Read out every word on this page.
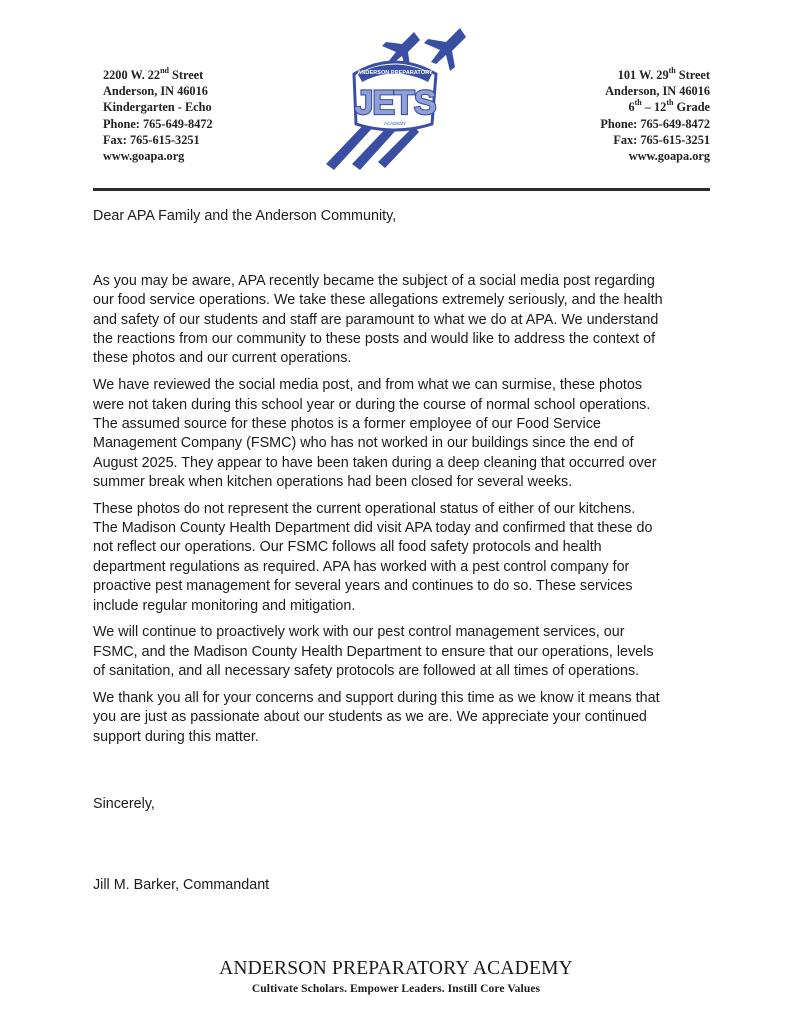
2200 W. 22nd Street
Anderson, IN 46016
Kindergarten - Echo
Phone: 765-649-8472
Fax: 765-615-3251
www.goapa.org
101 W. 29th Street
Anderson, IN 46016
6th – 12th Grade
Phone: 765-649-8472
Fax: 765-615-3251
www.goapa.org
ANDERSON PREPARATORY
JETS
ACADEMY

Dear APA Family and the Anderson Community,

As you may be aware, APA recently became the subject of a social media post regarding

our food service operations. We take these allegations extremely seriously, and the health

and safety of our students and staff are paramount to what we do at APA. We understand

the reactions from our community to these posts and would like to address the context of

these photos and our current operations.

We have reviewed the social media post, and from what we can surmise, these photos

were not taken during this school year or during the course of normal school operations.

The assumed source for these photos is a former employee of our Food Service

Management Company (FSMC) who has not worked in our buildings since the end of

August 2025. They appear to have been taken during a deep cleaning that occurred over

summer break when kitchen operations had been closed for several weeks.

These photos do not represent the current operational status of either of our kitchens.

The Madison County Health Department did visit APA today and confirmed that these do

not reflect our operations. Our FSMC follows all food safety protocols and health

department regulations as required. APA has worked with a pest control company for

proactive pest management for several years and continues to do so. These services

include regular monitoring and mitigation.

We will continue to proactively work with our pest control management services, our

FSMC, and the Madison County Health Department to ensure that our operations, levels

of sanitation, and all necessary safety protocols are followed at all times of operations.

We thank you all for your concerns and support during this time as we know it means that

you are just as passionate about our students as we are. We appreciate your continued

support during this matter.

Sincerely,

Jill M. Barker, Commandant

ANDERSON PREPARATORY ACADEMY
Cultivate Scholars. Empower Leaders. Instill Core Values
